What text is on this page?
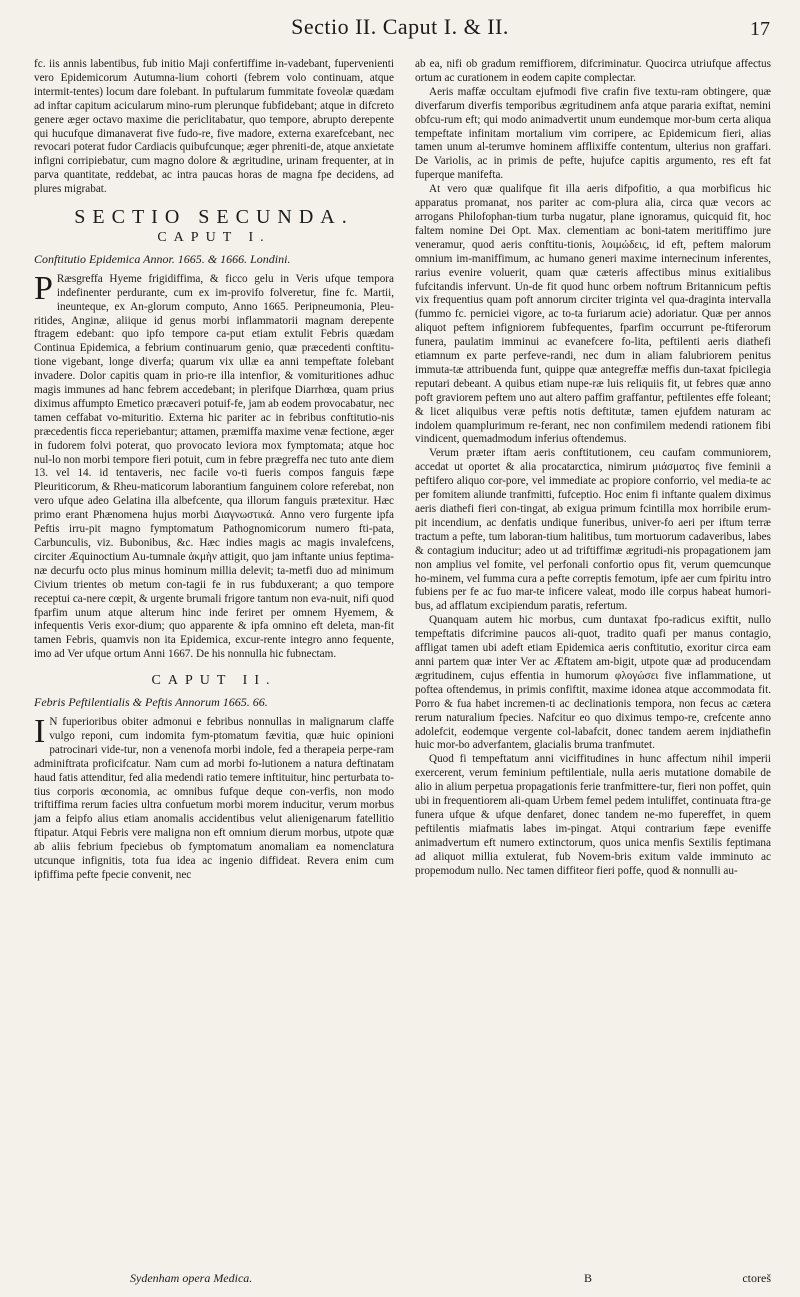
Sectio II. Caput I. & II.	17

fc. iis annis labentibus, fub initio Maji confertiffime in-vadebant, fupervenienti vero Epidemicorum Autumna-lium cohorti (febrem volo continuam, atque intermit-tentes) locum dare folebant. In puftularum fummitate foveolæ quædam ad inftar capitum acicularum mino-rum plerunque fubfidebant; atque in difcreto genere æger octavo maxime die periclitabatur, quo tempore, abrupto derepente qui hucufque dimanaverat five fudo-re, five madore, externa exarefcebant, nec revocari poterat fudor Cardiacis quibufcunque; æger phreniti-de, atque anxietate infigni corripiebatur, cum magno dolore & ægritudine, urinam frequenter, at in parva quantitate, reddebat, ac intra paucas horas de magna fpe decidens, ad plures migrabat.

SECTIO SECUNDA.
CAPUT I.
Conftitutio Epidemica Annor. 1665. & 1666. Londini.

P Ræsgreffa Hyeme frigidiffima, & ficco gelu in Veris ufque tempora indefinenter perdurante, cum ex im-provifo folveretur, fine fc. Martii, ineunteque, ex An-glorum computo, Anno 1665. Peripneumonia, Pleu-ritides, Anginæ, aliique id genus morbi inflammatorii magnam derepente ftragem edebant: quo ipfo tempore ca-put etiam extulit Febris quædam Continua Epidemica, a febrium continuarum genio, quæ præcedenti conftitu-tione vigebant, longe diverfa; quarum vix ullæ ea anni tempeftate folebant invadere. Dolor capitis quam in prio-re illa intenfior, & vomituritiones adhuc magis immunes ad hanc febrem accedebant; in plerifque Diarrhœa, quam prius diximus affumpto Emetico præcaveri potuif-fe, jam ab eodem provocabatur, nec tamen ceffabat vo-mituritio. Externa hic pariter ac in febribus conftitutio-nis præcedentis ficca reperiebantur; attamen, præmiffa maxime venæ fectione, æger in fudorem folvi poterat, quo provocato leviora mox fymptomata; atque hoc nul-lo non morbi tempore fieri potuit, cum in febre prægreffa nec tuto ante diem 13. vel 14. id tentaveris, nec facile vo-ti fueris compos fanguis fæpe Pleuriticorum, & Rheu-maticorum laborantium fanguinem colore referebat, non vero ufque adeo Gelatina illa albefcente, qua illorum fanguis prætexitur. Hæc primo erant Phænomena hujus morbi Διαγνωστικά. Anno vero furgente ipfa Peftis irru-pit magno fymptomatum Pathognomicorum numero fti-pata, Carbunculis, viz. Bubonibus, &c. Hæc indies magis ac magis invalefcens, circiter Æquinoctium Au-tumnale ἀκμὴν attigit, quo jam inftante unius feptima-næ decurfu octo plus minus hominum millia delevit; ta-metfi duo ad minimum Civium trientes ob metum con-tagii fe in rus fubduxerant; a quo tempore receptui ca-nere cœpit, & urgente brumali frigore tantum non eva-nuit, nifi quod fparfim unum atque alterum hinc inde feriret per omnem Hyemem, & infequentis Veris exor-dium; quo apparente & ipfa omnino eft deleta, man-fit tamen Febris, quamvis non ita Epidemica, excur-rente integro anno fequente, imo ad Ver ufque ortum Anni 1667. De his nonnulla hic fubnectam.

CAPUT II.
Febris Peftilentialis & Peftis Annorum 1665. 66.

I N fuperioribus obiter admonui e febribus nonnullas in malignarum claffe vulgo reponi, cum indomita fym-ptomatum fævitia, quæ huic opinioni patrocinari vide-tur, non a venenofa morbi indole, fed a therapeia perpe-ram adminiftrata proficifcatur. Nam cum ad morbi fo-lutionem a natura deftinatam haud fatis attenditur, fed alia medendi ratio temere inftituitur, hinc perturbata to-tius corporis œconomia, ac omnibus fufque deque con-verfis, non modo triftiffima rerum facies ultra confuetum morbi morem inducitur, verum morbus jam a feipfo alius etiam anomalis accidentibus velut alienigenarum fatellitio ftipatur. Atqui Febris vere maligna non eft omnium dierum morbus, utpote quæ ab aliis febrium fpeciebus ob fymptomatum anomaliam ea nomenclatura utcunque infignitis, tota fua idea ac ingenio diffideat. Revera enim cum ipfiffima pefte fpecie convenit, nec

ab ea, nifi ob gradum remiffiorem, difcriminatur. Quocirca utriufque affectus ortum ac curationem in eodem capite complectar.

Aeris maffæ occultam ejufmodi five crafin five textu-ram obtingere, quæ diverfarum diverfis temporibus ægritudinem anfa atque pararia exiftat, nemini obfcu-rum eft; qui modo animadvertit unum eundemque mor-bum certa aliqua tempeftate infinitam mortalium vim corripere, ac Epidemicum fieri, alias tamen unum al-terumve hominem afflixiffe contentum, ulterius non graffari. De Variolis, ac in primis de pefte, hujufce capitis argumento, res eft fat fuperque manifefta.

At vero quæ qualifque fit illa aeris difpofitio, a qua morbificus hic apparatus promanat, nos pariter ac com-plura alia, circa quæ vecors ac arrogans Philofophan-tium turba nugatur, plane ignoramus, quicquid fit, hoc faltem nomine Dei Opt. Max. clementiam ac boni-tatem meritiffimo jure veneramur, quod aeris conftitu-tionis, λοιμώδεις, id eft, peftem malorum omnium im-maniffimum, ac humano generi maxime internecinum inferentes, rarius evenire voluerit, quam quæ cæteris affectibus minus exitialibus fufcitandis infervunt. Un-de fit quod hunc orbem noftrum Britannicum peftis vix frequentius quam poft annorum circiter triginta vel qua-draginta intervalla (fummo fc. perniciei vigore, ac to-ta furiarum acie) adoriatur. Quæ per annos aliquot peftem infigniorem fubfequentes, fparfim occurrunt pe-ftiferorum funera, paulatim imminui ac evanefcere fo-lita, peftilenti aeris diathefi etiamnum ex parte perfeve-randi, nec dum in aliam falubriorem penitus immuta-tæ attribuenda funt, quippe quæ antegreffæ meffis dun-taxat fpicilegia reputari debeant. A quibus etiam nupe-ræ luis reliquiis fit, ut febres quæ anno poft graviorem peftem uno aut altero paffim graffantur, peftilentes effe foleant; & licet aliquibus veræ peftis notis deftitutæ, tamen ejufdem naturam ac indolem quamplurimum re-ferant, nec non confimilem medendi rationem fibi vindicent, quemadmodum inferius oftendemus.

Verum præter iftam aeris conftitutionem, ceu caufam communiorem, accedat ut oportet & alia procatarctica, nimirum μιάσματος five feminii a peftifero aliquo cor-pore, vel immediate ac propiore conforrio, vel media-te ac per fomitem aliunde tranfmitti, fufceptio. Hoc enim fi inftante qualem diximus aeris diathefi fieri con-tingat, ab exigua primum fcintilla mox horribile erum-pit incendium, ac denfatis undique funeribus, univer-fo aeri per iftum terræ tractum a pefte, tum laboran-tium halitibus, tum mortuorum cadaveribus, labes & contagium inducitur; adeo ut ad triftiffimæ ægritudi-nis propagationem jam non amplius vel fomite, vel perfonali confortio opus fit, verum quemcunque ho-minem, vel fumma cura a pefte correptis femotum, ipfe aer cum fpiritu intro fubiens per fe ac fuo mar-te inficere valeat, modo ille corpus habeat humori-bus, ad afflatum excipiendum paratis, refertum.

Quanquam autem hic morbus, cum duntaxat fpo-radicus exiftit, nullo tempeftatis difcrimine paucos ali-quot, tradito quafi per manus contagio, affligat tamen ubi adeft etiam Epidemica aeris conftitutio, exoritur circa eam anni partem quæ inter Ver ac Æftatem am-bigit, utpote quæ ad producendam ægritudinem, cujus effentia in humorum φλογώσει five inflammatione, ut poftea oftendemus, in primis confiftit, maxime idonea atque accommodata fit. Porro & fua habet incremen-ti ac declinationis tempora, non fecus ac cætera rerum naturalium fpecies. Nafcitur eo quo diximus tempo-re, crefcente anno adolefcit, eodemque vergente col-labafcit, donec tandem aerem injdiathefin huic mor-bo adverfantem, glacialis bruma tranfmutet.

Quod fi tempeftatum anni viciffitudines in hunc affectum nihil imperii exercerent, verum feminium peftilentiale, nulla aeris mutatione domabile de alio in alium perpetua propagationis ferie tranfmittere-tur, fieri non poffet, quin ubi in frequentiorem ali-quam Urbem femel pedem intuliffet, continuata ftra-ge funera ufque & ufque denfaret, donec tandem ne-mo fupereffet, in quem peftilentis miafmatis labes im-pingat. Atqui contrarium fæpe eveniffe animadvertum eft numero extinctorum, quos unica menfis Sextilis feptimana ad aliquot millia extulerat, fub Novem-bris exitum valde imminuto ac propemodum nullo. Nec tamen diffiteor fieri poffe, quod & nonnulli au-

Sydenham opera Medica.	B	ctoreš
